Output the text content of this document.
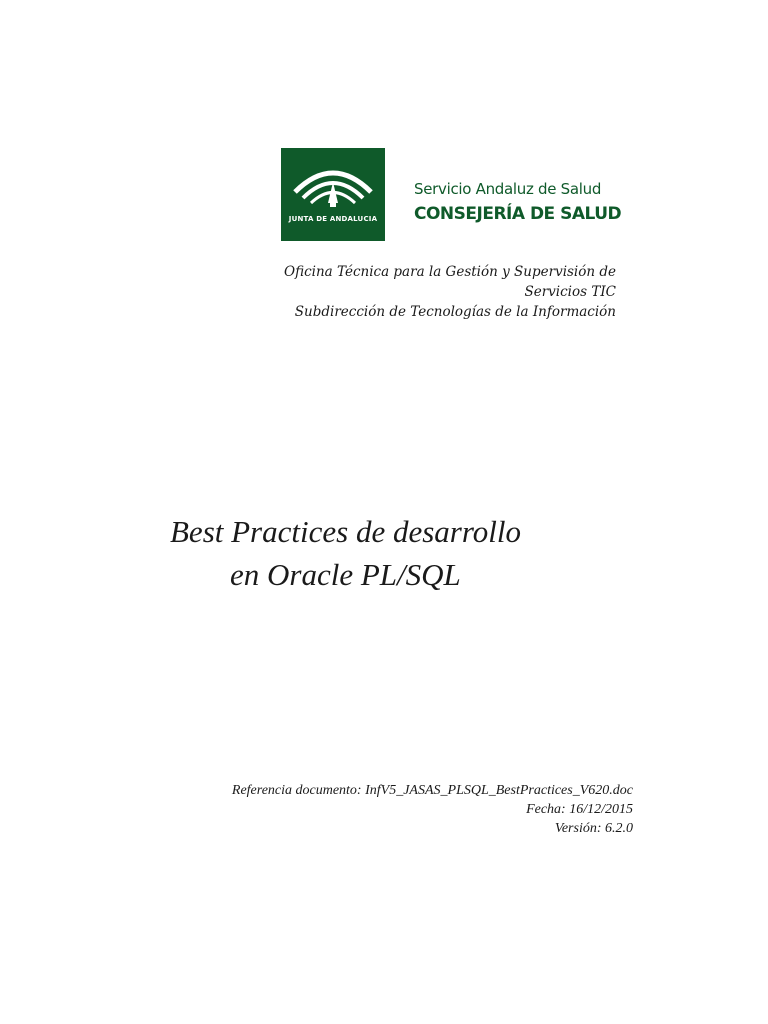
JUNTA DE ANDALUCIA
Servicio Andaluz de Salud
CONSEJERÍA DE SALUD
Oficina Técnica para la Gestión y Supervisión de
Servicios TIC
Subdirección de Tecnologías de la Información
Best Practices de desarrollo
en Oracle PL/SQL
Referencia documento: InfV5_JASAS_PLSQL_BestPractices_V620.doc
Fecha: 16/12/2015
Versión: 6.2.0
